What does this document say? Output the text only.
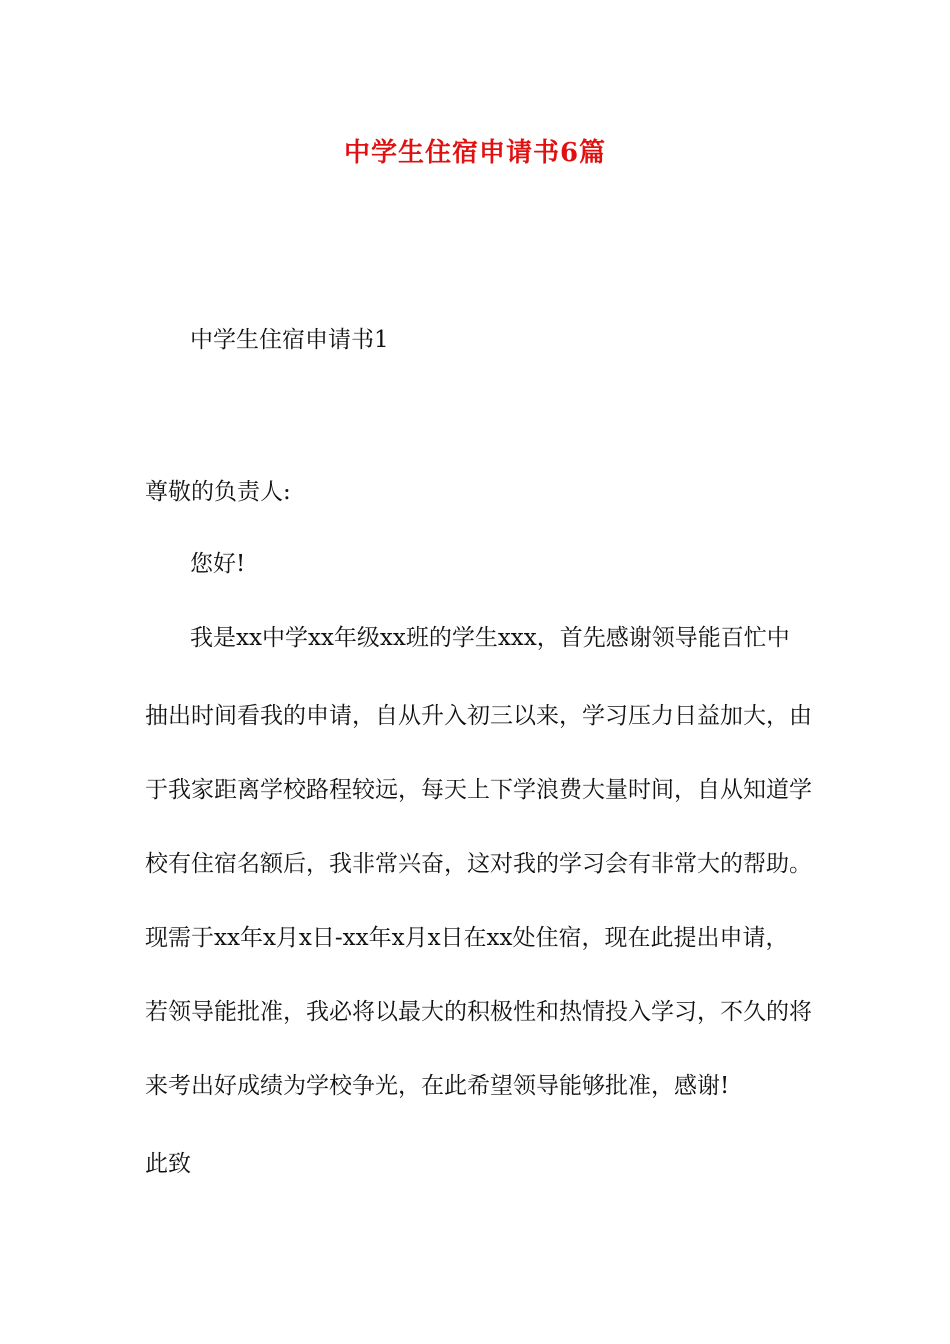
中学生住宿申请书6篇
中学生住宿申请书1
尊敬的负责人:
您好!
我是xx中学xx年级xx班的学生xxx，首先感谢领导能百忙中
抽出时间看我的申请，自从升入初三以来，学习压力日益加大，由
于我家距离学校路程较远，每天上下学浪费大量时间，自从知道学
校有住宿名额后，我非常兴奋，这对我的学习会有非常大的帮助。
现需于xx年x月x日-xx年x月x日在xx处住宿，现在此提出申请，
若领导能批准，我必将以最大的积极性和热情投入学习，不久的将
来考出好成绩为学校争光，在此希望领导能够批准，感谢!
此致
